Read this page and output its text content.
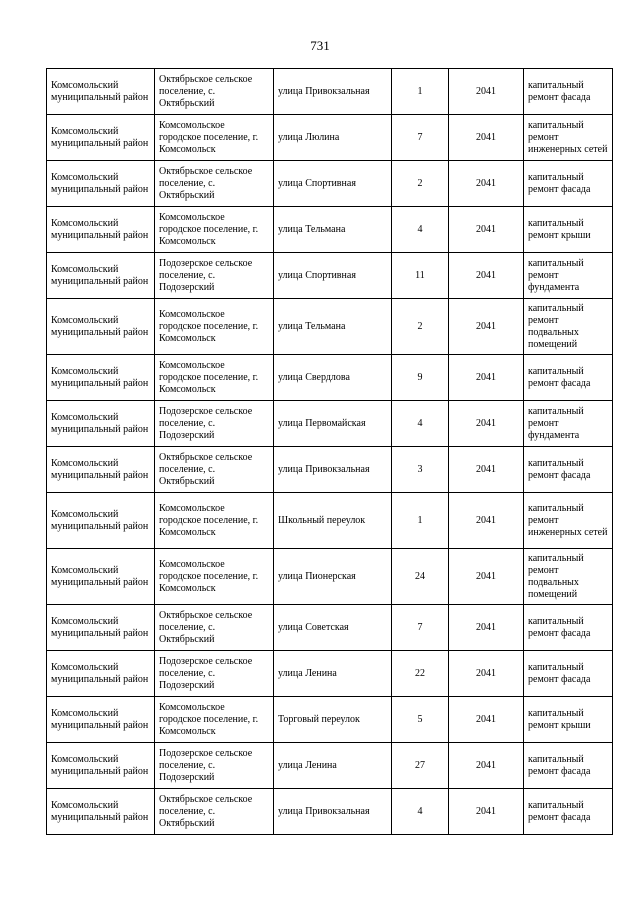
731
Комсомольский муниципальный район	Октябрьское сельское поселение, с. Октябрьский	улица Привокзальная	1	2041	капитальный ремонт фасада
Комсомольский муниципальный район	Комсомольское городское поселение, г. Комсомольск	улица Люлина	7	2041	капитальный ремонт инженерных сетей
Комсомольский муниципальный район	Октябрьское сельское поселение, с. Октябрьский	улица Спортивная	2	2041	капитальный ремонт фасада
Комсомольский муниципальный район	Комсомольское городское поселение, г. Комсомольск	улица Тельмана	4	2041	капитальный ремонт крыши
Комсомольский муниципальный район	Подозерское сельское поселение, с. Подозерский	улица Спортивная	11	2041	капитальный ремонт фундамента
Комсомольский муниципальный район	Комсомольское городское поселение, г. Комсомольск	улица Тельмана	2	2041	капитальный ремонт подвальных помещений
Комсомольский муниципальный район	Комсомольское городское поселение, г. Комсомольск	улица Свердлова	9	2041	капитальный ремонт фасада
Комсомольский муниципальный район	Подозерское сельское поселение, с. Подозерский	улица Первомайская	4	2041	капитальный ремонт фундамента
Комсомольский муниципальный район	Октябрьское сельское поселение, с. Октябрьский	улица Привокзальная	3	2041	капитальный ремонт фасада
Комсомольский муниципальный район	Комсомольское городское поселение, г. Комсомольск	Школьный переулок	1	2041	капитальный ремонт инженерных сетей
Комсомольский муниципальный район	Комсомольское городское поселение, г. Комсомольск	улица Пионерская	24	2041	капитальный ремонт подвальных помещений
Комсомольский муниципальный район	Октябрьское сельское поселение, с. Октябрьский	улица Советская	7	2041	капитальный ремонт фасада
Комсомольский муниципальный район	Подозерское сельское поселение, с. Подозерский	улица Ленина	22	2041	капитальный ремонт фасада
Комсомольский муниципальный район	Комсомольское городское поселение, г. Комсомольск	Торговый переулок	5	2041	капитальный ремонт крыши
Комсомольский муниципальный район	Подозерское сельское поселение, с. Подозерский	улица Ленина	27	2041	капитальный ремонт фасада
Комсомольский муниципальный район	Октябрьское сельское поселение, с. Октябрьский	улица Привокзальная	4	2041	капитальный ремонт фасада
